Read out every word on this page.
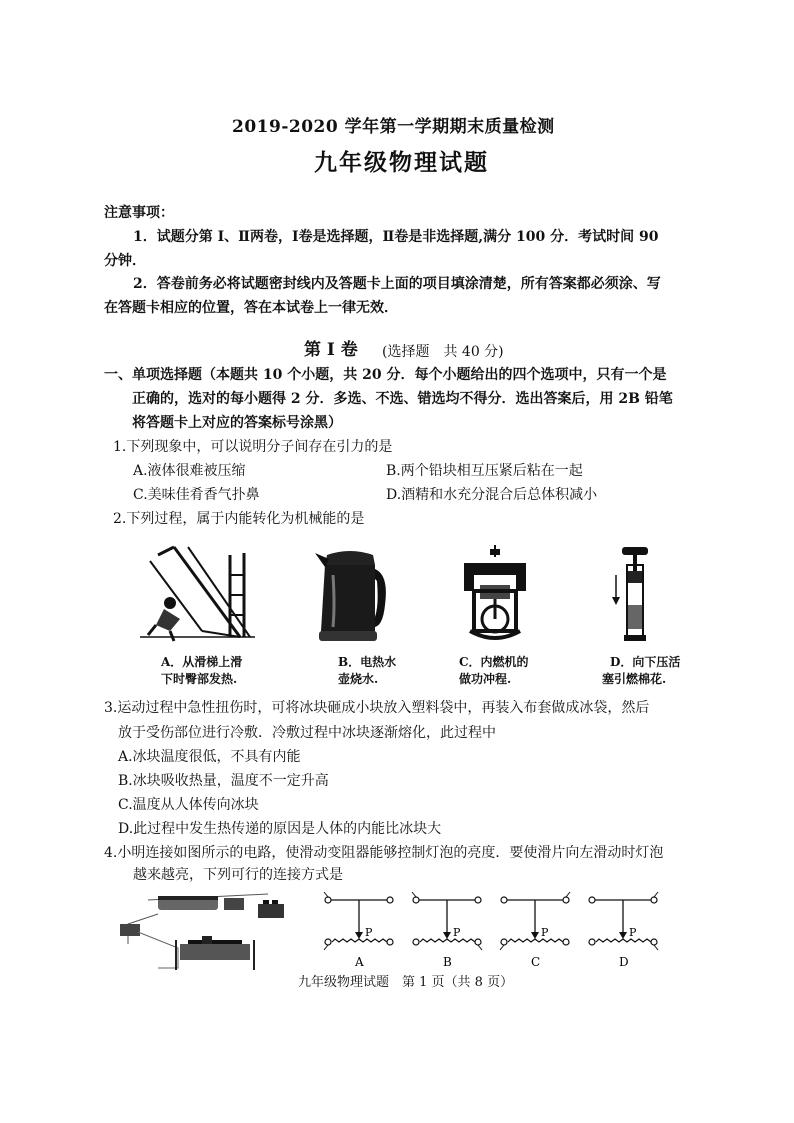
2019-2020 学年第一学期期末质量检测
九年级物理试题
注意事项：
1．试题分第 Ⅰ、Ⅱ两卷，Ⅰ卷是选择题，Ⅱ卷是非选择题,满分 100 分．考试时间 90
分钟．
2．答卷前务必将试题密封线内及答题卡上面的项目填涂清楚，所有答案都必须涂、写
在答题卡相应的位置，答在本试卷上一律无效．
第 Ⅰ 卷 (选择题　共 40 分)
一、单项选择题（本题共 10 个小题，共 20 分．每个小题给出的四个选项中，只有一个是
正确的，选对的每小题得 2 分．多选、不选、错选均不得分．选出答案后，用 2B 铅笔
将答题卡上对应的答案标号涂黑）
1.下列现象中，可以说明分子间存在引力的是
A.液体很难被压缩	B.两个铅块相互压紧后粘在一起
C.美味佳肴香气扑鼻	D.酒精和水充分混合后总体积减小
2.下列过程，属于内能转化为机械能的是
A．从滑梯上滑
下时臀部发热.
B．电热水
壶烧水.
C．内燃机的
做功冲程.
D．向下压活
塞引燃棉花.
3.运动过程中急性扭伤时，可将冰块砸成小块放入塑料袋中，再装入布套做成冰袋，然后
放于受伤部位进行冷敷．冷敷过程中冰块逐渐熔化，此过程中
A.冰块温度很低，不具有内能
B.冰块吸收热量，温度不一定升高
C.温度从人体传向冰块
D.此过程中发生热传递的原因是人体的内能比冰块大
4.小明连接如图所示的电路，使滑动变阻器能够控制灯泡的亮度．要使滑片向左滑动时灯泡
越来越亮，下列可行的连接方式是
P
A
P
B
P
C
P
D
九年级物理试题　第 1 页（共 8 页）
